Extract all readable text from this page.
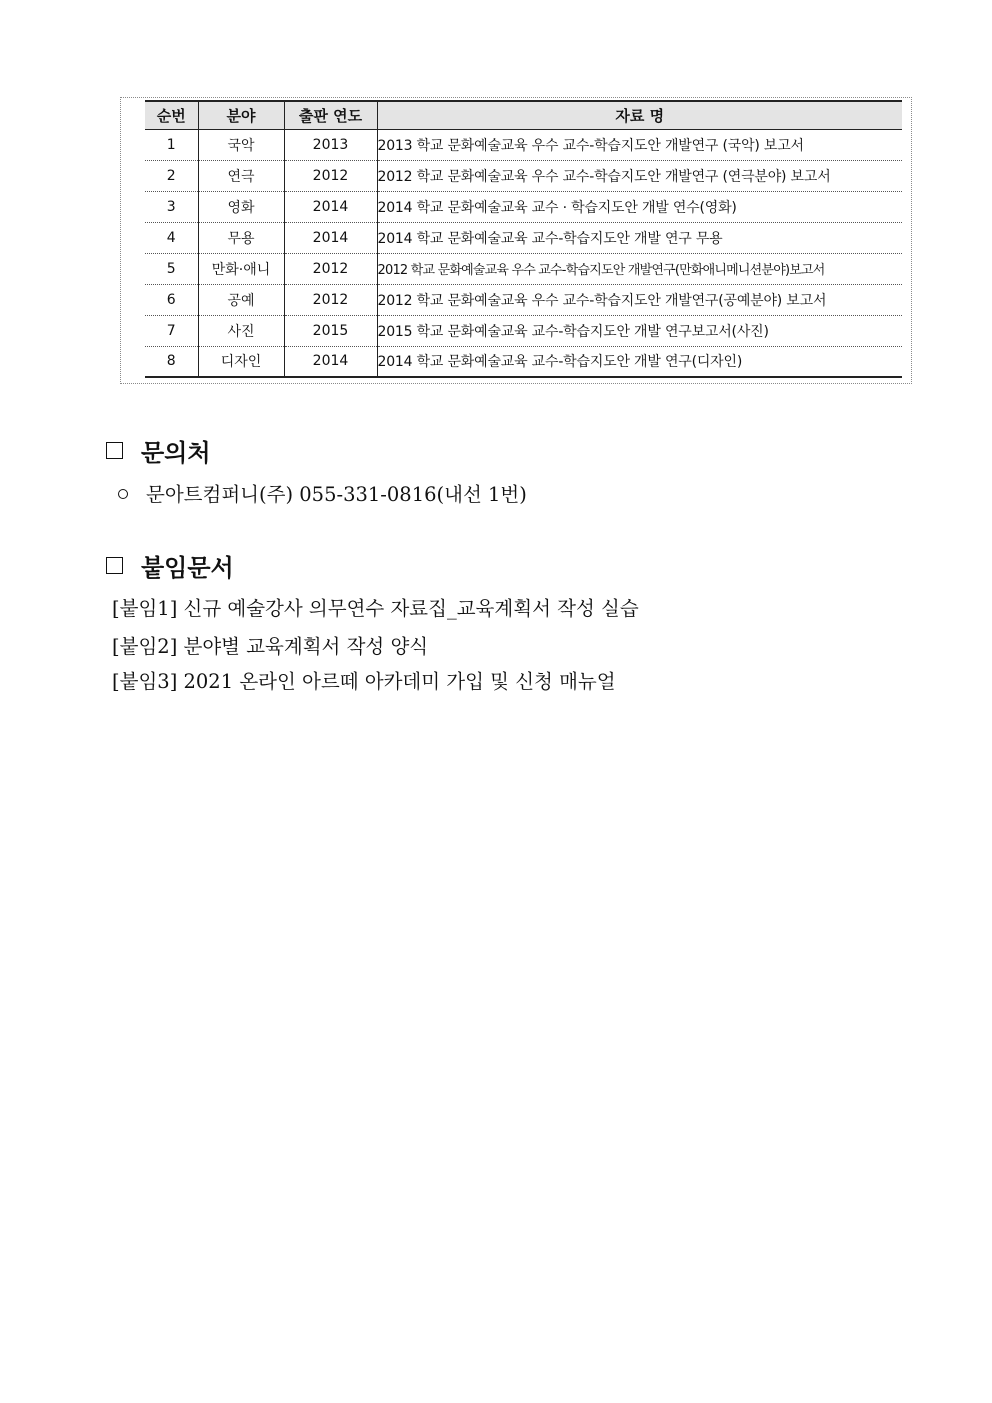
순번	분야	출판 연도	자료 명
1	국악	2013	2013 학교 문화예술교육 우수 교수-학습지도안 개발연구 (국악) 보고서
2	연극	2012	2012 학교 문화예술교육 우수 교수-학습지도안 개발연구 (연극분야) 보고서
3	영화	2014	2014 학교 문화예술교육 교수 · 학습지도안 개발 연수(영화)
4	무용	2014	2014 학교 문화예술교육 교수-학습지도안 개발 연구 무용
5	만화·애니	2012	2012 학교 문화예술교육 우수 교수-학습지도안 개발연구(만화애니메니션분야)보고서
6	공예	2012	2012 학교 문화예술교육 우수 교수-학습지도안 개발연구(공예분야) 보고서
7	사진	2015	2015 학교 문화예술교육 교수-학습지도안 개발 연구보고서(사진)
8	디자인	2014	2014 학교 문화예술교육 교수-학습지도안 개발 연구(디자인)
문의처
문아트컴퍼니(주) 055-331-0816(내선 1번)
붙임문서
[붙임1] 신규 예술강사 의무연수 자료집_교육계획서 작성 실습
[붙임2] 분야별 교육계획서 작성 양식
[붙임3] 2021 온라인 아르떼 아카데미 가입 및 신청 매뉴얼
